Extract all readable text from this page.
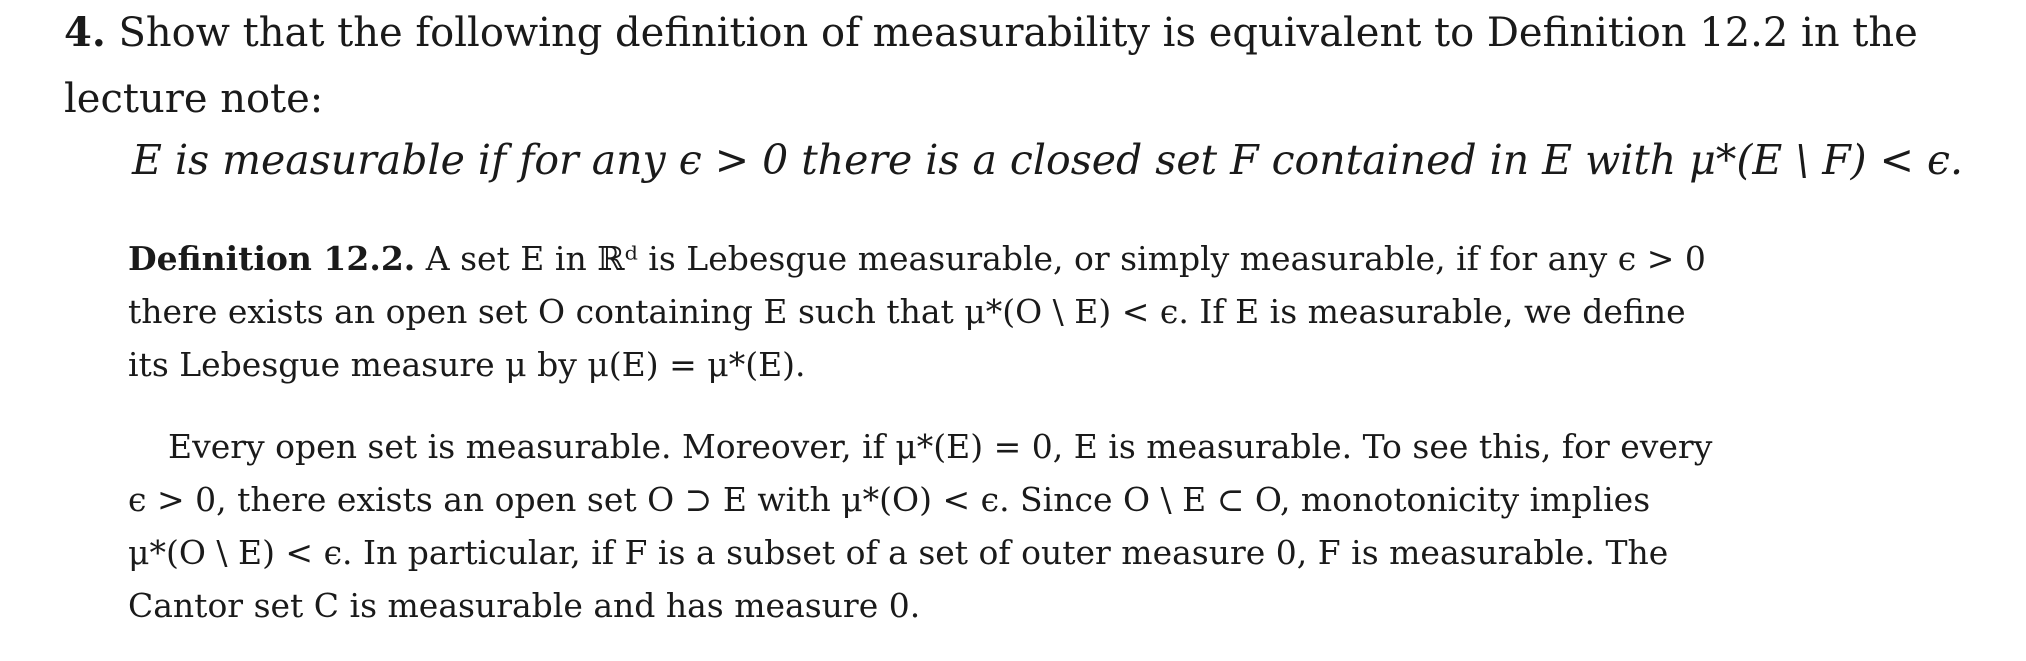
4. Show that the following definition of measurability is equivalent to Definition 12.2 in the
lecture note:
E is measurable if for any ϵ > 0 there is a closed set F contained in E with μ*(E \ F) < ϵ.
Definition 12.2. A set E in ℝᵈ is Lebesgue measurable, or simply measurable, if for any ϵ > 0
there exists an open set O containing E such that μ*(O \ E) < ϵ. If E is measurable, we define
its Lebesgue measure μ by μ(E) = μ*(E).
Every open set is measurable. Moreover, if μ*(E) = 0, E is measurable. To see this, for every
ϵ > 0, there exists an open set O ⊃ E with μ*(O) < ϵ. Since O \ E ⊂ O, monotonicity implies
μ*(O \ E) < ϵ. In particular, if F is a subset of a set of outer measure 0, F is measurable. The
Cantor set C is measurable and has measure 0.
